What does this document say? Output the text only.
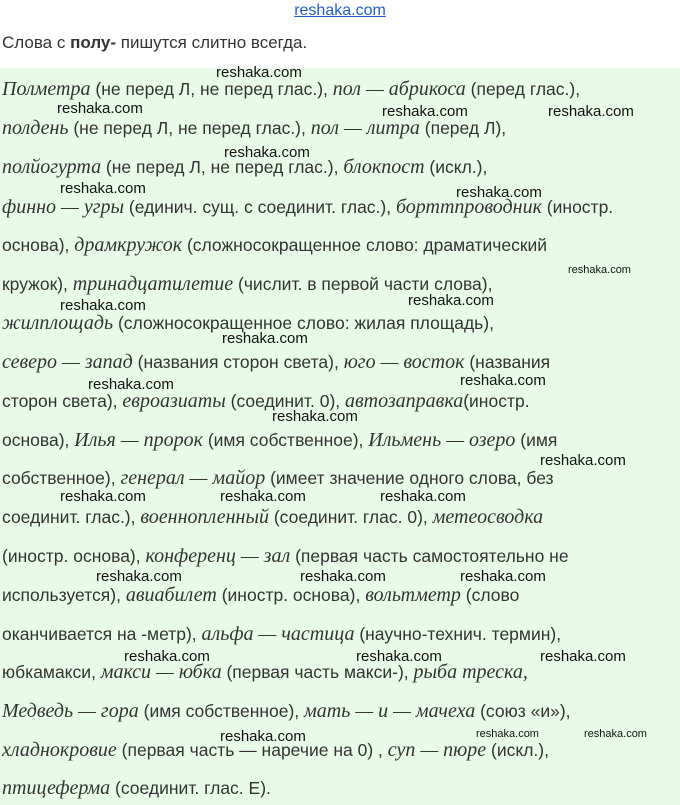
reshaka.com
Слова с полу- пишутся слитно всегда.
Полметра (не перед Л, не перед глас.), пол — абрикоса (перед глас.),
полдень (не перед Л, не перед глас.), пол — литра (перед Л),
полйогурта (не перед Л, не перед глас.), блокпост (искл.),
финно — угры (единич. сущ. с соединит. глас.), борттпроводник (иностр.
основа), драмкружок (сложносокращенное слово: драматический
кружок), тринадцатилетие (числит. в первой части слова),
жилплощадь (сложносокращенное слово: жилая площадь),
северо — запад (названия сторон света), юго — восток (названия
сторон света), евроазиаты (соединит. 0), автозаправка(иностр.
основа), Илья — пророк (имя собственное), Ильмень — озеро (имя
собственное), генерал — майор (имеет значение одного слова, без
соединит. глас.), военнопленный (соединит. глас. 0), метеосводка
(иностр. основа), конференц — зал (первая часть самостоятельно не
используется), авиабилет (иностр. основа), вольтметр (слово
оканчивается на -метр), альфа — частица (научно-технич. термин),
юбкамакси, макси — юбка (первая часть макси-), рыба треска,
Медведь — гора (имя собственное), мать — и — мачеха (союз «и»),
хладнокровие (первая часть — наречие на 0) , суп — пюре (искл.),
птицеферма (соединит. глас. Е).
reshaka.com
reshaka.com	reshaka.com	reshaka.com
reshaka.com
reshaka.com	reshaka.com
reshaka.com
reshaka.com	reshaka.com
reshaka.com
reshaka.com	reshaka.com
reshaka.com
reshaka.com
reshaka.com	reshaka.com	reshaka.com
reshaka.com	reshaka.com	reshaka.com
reshaka.com	reshaka.com	reshaka.com
reshaka.com	reshaka.com	reshaka.com
